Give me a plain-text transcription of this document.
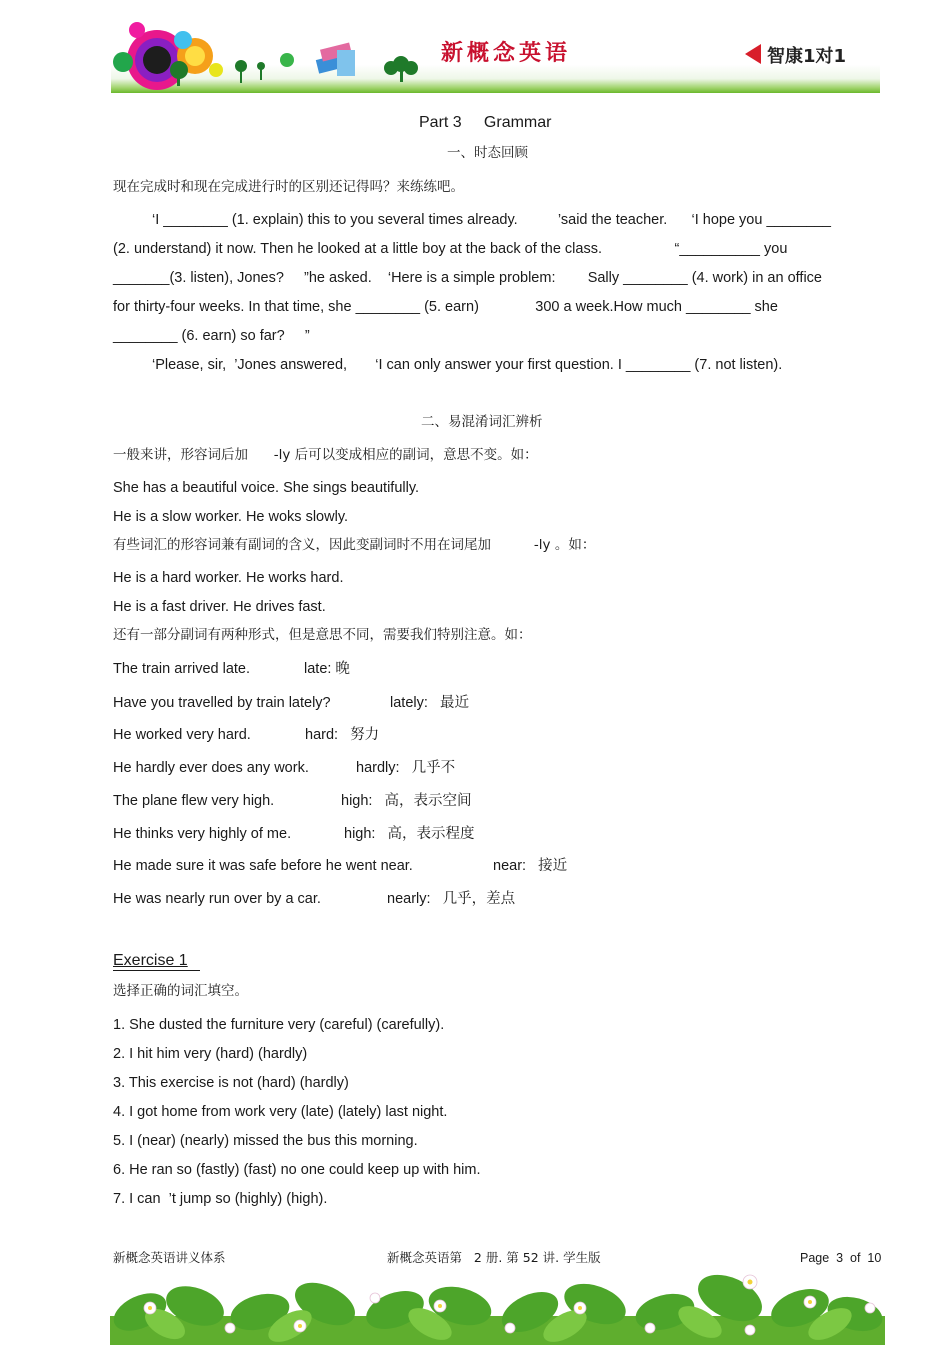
新概念英语	智康1对1
Part 3     Grammar
一、时态回顾
现在完成时和现在完成进行时的区别还记得吗？来练练吧。
‘I ________ (1. explain) this to you several times already.          ’said the teacher.      ‘I hope you ________
(2. understand) it now. Then he looked at a little boy at the back of the class.                  “__________ you
_______(3. listen), Jones?     ”he asked.    ‘Here is a simple problem:        Sally ________ (4. work) in an office
for thirty-four weeks. In that time, she ________ (5. earn)              300 a week.How much ________ she
________ (6. earn) so far?     ”
‘Please, sir,  ’Jones answered,       ‘I can only answer your first question. I ________ (7. not listen).
二、易混淆词汇辨析
一般来讲，形容词后加      -ly 后可以变成相应的副词，意思不变。如：
She has a beautiful voice. She sings beautifully.
He is a slow worker. He woks slowly.
有些词汇的形容词兼有副词的含义，因此变副词时不用在词尾加          -ly 。如：
He is a hard worker. He works hard.
He is a fast driver. He drives fast.
还有一部分副词有两种形式，但是意思不同，需要我们特别注意。如：
The train arrived late.	late: 晚
Have you travelled by train lately?	lately:   最近
He worked very hard.	hard:   努力
He hardly ever does any work.	hardly:   几乎不
The plane flew very high.	high:   高，表示空间
He thinks very highly of me.	high:   高，表示程度
He made sure it was safe before he went near.	near:   接近
He was nearly run over by a car.	nearly:   几乎，差点
Exercise 1
选择正确的词汇填空。
1. She dusted the furniture very (careful) (carefully).
2. I hit him very (hard) (hardly)
3. This exercise is not (hard) (hardly)
4. I got home from work very (late) (lately) last night.
5. I (near) (nearly) missed the bus this morning.
6. He ran so (fastly) (fast) no one could keep up with him.
7. I can  ’t jump so (highly) (high).
新概念英语讲义体系	新概念英语第   2 册. 第 52 讲. 学生版	Page  3  of  10
